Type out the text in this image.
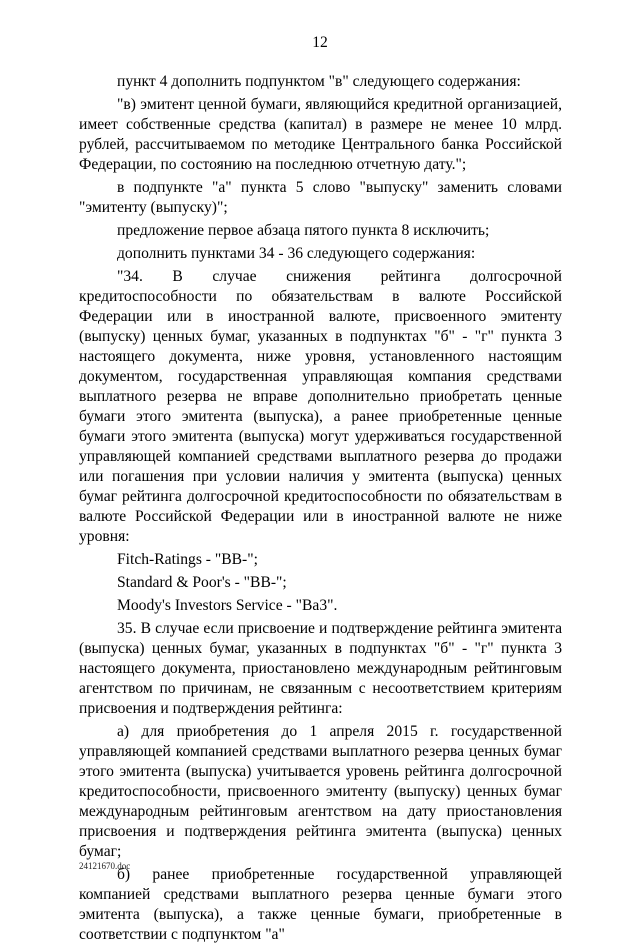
12

пункт 4 дополнить подпунктом "в" следующего содержания:

"в) эмитент ценной бумаги, являющийся кредитной организацией, имеет собственные средства (капитал) в размере не менее 10 млрд. рублей, рассчитываемом по методике Центрального банка Российской Федерации, по состоянию на последнюю отчетную дату.";

в подпункте "а" пункта 5 слово "выпуску" заменить словами "эмитенту (выпуску)";

предложение первое абзаца пятого пункта 8 исключить;

дополнить пунктами 34 - 36 следующего содержания:

"34. В случае снижения рейтинга долгосрочной кредитоспособности по обязательствам в валюте Российской Федерации или в иностранной валюте, присвоенного эмитенту (выпуску) ценных бумаг, указанных в подпунктах "б" - "г" пункта 3 настоящего документа, ниже уровня, установленного настоящим документом, государственная управляющая компания средствами выплатного резерва не вправе дополнительно приобретать ценные бумаги этого эмитента (выпуска), а ранее приобретенные ценные бумаги этого эмитента (выпуска) могут удерживаться государственной управляющей компанией средствами выплатного резерва до продажи или погашения при условии наличия у эмитента (выпуска) ценных бумаг рейтинга долгосрочной кредитоспособности по обязательствам в валюте Российской Федерации или в иностранной валюте не ниже уровня:

Fitch-Ratings - "BB-";

Standard & Poor's - "BB-";

Moody's Investors Service - "Ba3".

35. В случае если присвоение и подтверждение рейтинга эмитента (выпуска) ценных бумаг, указанных в подпунктах "б" - "г" пункта 3 настоящего документа, приостановлено международным рейтинговым агентством по причинам, не связанным с несоответствием критериям присвоения и подтверждения рейтинга:

а) для приобретения до 1 апреля 2015 г. государственной управляющей компанией средствами выплатного резерва ценных бумаг этого эмитента (выпуска) учитывается уровень рейтинга долгосрочной кредитоспособности, присвоенного эмитенту (выпуску) ценных бумаг международным рейтинговым агентством на дату приостановления присвоения и подтверждения рейтинга эмитента (выпуска) ценных бумаг;

б) ранее приобретенные государственной управляющей компанией средствами выплатного резерва ценные бумаги этого эмитента (выпуска), а также ценные бумаги, приобретенные в соответствии с подпунктом "а"

24121670.doc
